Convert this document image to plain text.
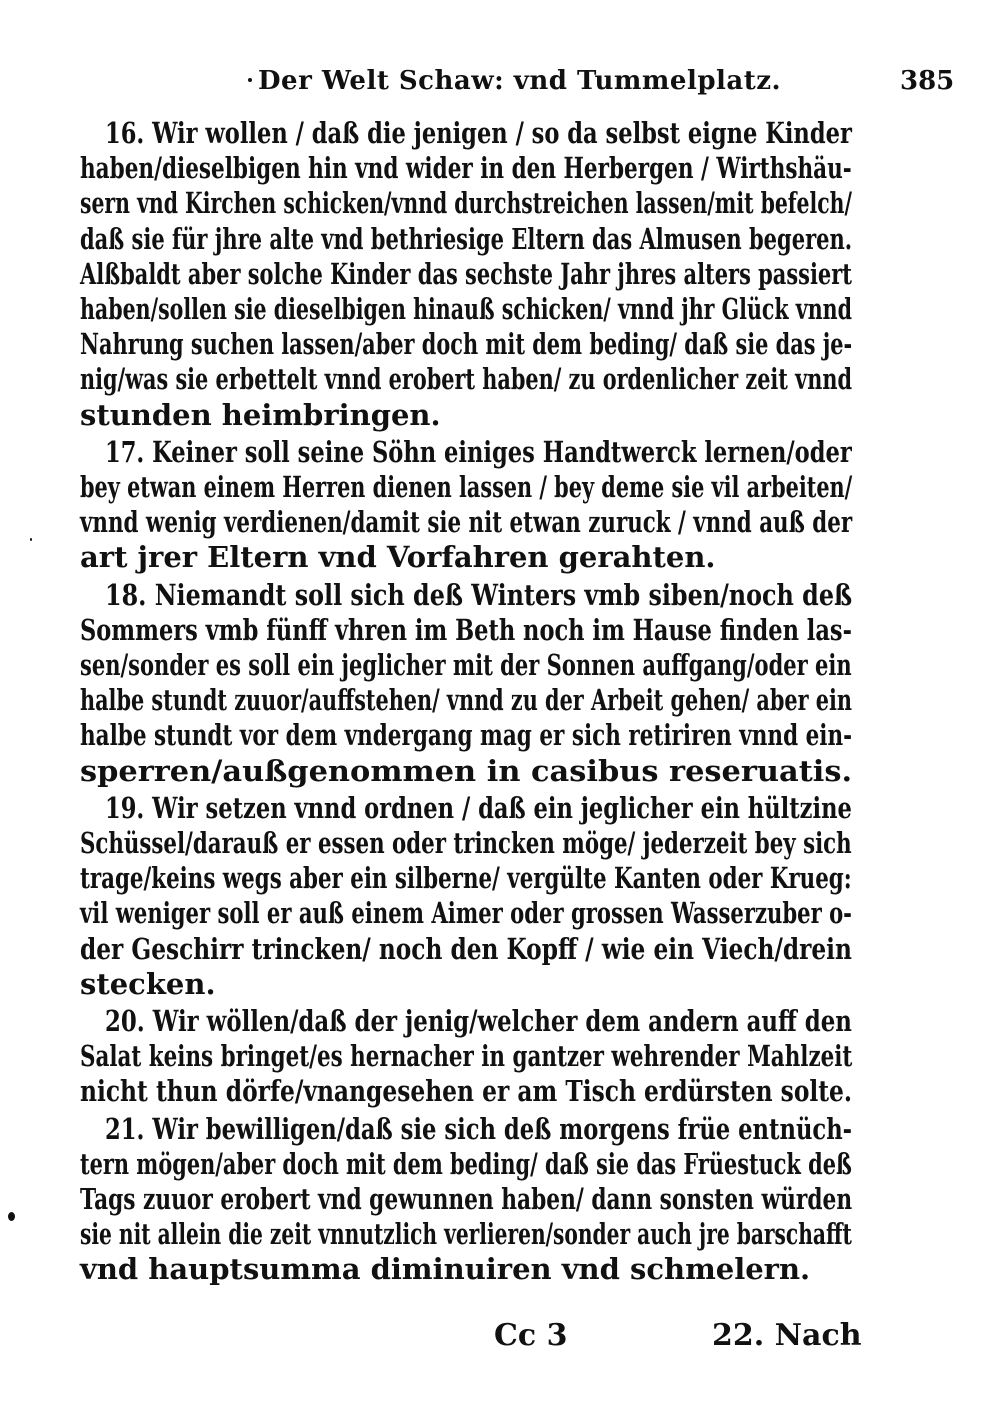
Der Welt Schaw: vnd Tummelplatz.	385
16. Wir wollen / daß die jenigen / so da selbst eigne Kinder
haben/dieselbigen hin vnd wider in den Herbergen / Wirthshäu-
sern vnd Kirchen schicken/vnnd durchstreichen lassen/mit befelch/
daß sie für jhre alte vnd bethriesige Eltern das Almusen begeren.
Alßbaldt aber solche Kinder das sechste Jahr jhres alters passiert
haben/sollen sie dieselbigen hinauß schicken/ vnnd jhr Glück vnnd
Nahrung suchen lassen/aber doch mit dem beding/ daß sie das je-
nig/was sie erbettelt vnnd erobert haben/ zu ordenlicher zeit vnnd
stunden heimbringen.
17. Keiner soll seine Söhn einiges Handtwerck lernen/oder
bey etwan einem Herren dienen lassen / bey deme sie vil arbeiten/
vnnd wenig verdienen/damit sie nit etwan zuruck / vnnd auß der
art jrer Eltern vnd Vorfahren gerahten.
18. Niemandt soll sich deß Winters vmb siben/noch deß
Sommers vmb fünff vhren im Beth noch im Hause finden las-
sen/sonder es soll ein jeglicher mit der Sonnen auffgang/oder ein
halbe stundt zuuor/auffstehen/ vnnd zu der Arbeit gehen/ aber ein
halbe stundt vor dem vndergang mag er sich retiriren vnnd ein-
sperren/außgenommen in casibus reseruatis.
19. Wir setzen vnnd ordnen / daß ein jeglicher ein hültzine
Schüssel/darauß er essen oder trincken möge/ jederzeit bey sich
trage/keins wegs aber ein silberne/ vergülte Kanten oder Krueg:
vil weniger soll er auß einem Aimer oder grossen Wasserzuber o-
der Geschirr trincken/ noch den Kopff / wie ein Viech/drein
stecken.
20. Wir wöllen/daß der jenig/welcher dem andern auff den
Salat keins bringet/es hernacher in gantzer wehrender Mahlzeit
nicht thun dörfe/vnangesehen er am Tisch erdürsten solte.
21. Wir bewilligen/daß sie sich deß morgens früe entnüch-
tern mögen/aber doch mit dem beding/ daß sie das Früestuck deß
Tags zuuor erobert vnd gewunnen haben/ dann sonsten würden
sie nit allein die zeit vnnutzlich verlieren/sonder auch jre barschafft
vnd hauptsumma diminuiren vnd schmelern.
Cc 3	22. Nach
